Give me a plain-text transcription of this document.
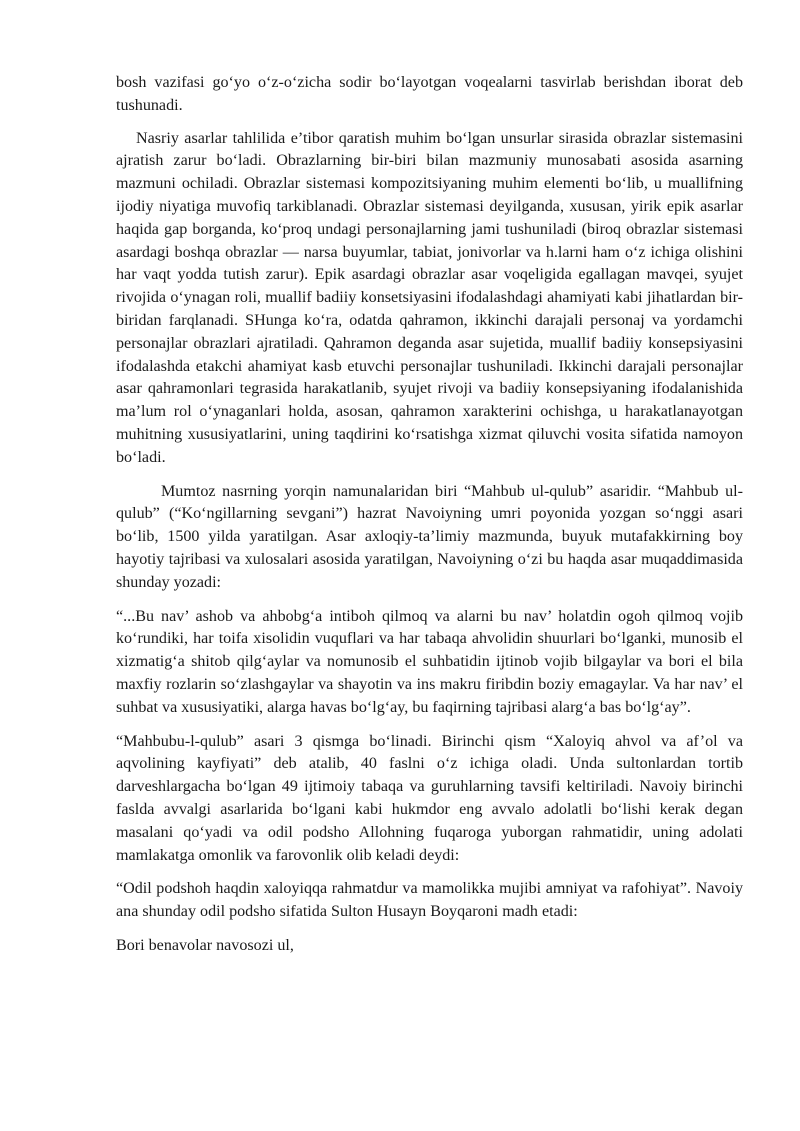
bosh vazifasi go‘yo o‘z-o‘zicha sodir bo‘layotgan voqealarni tasvirlab berishdan iborat deb tushunadi.

Nasriy asarlar tahlilida e’tibor qaratish muhim bo‘lgan unsurlar sirasida obrazlar sistemasini ajratish zarur bo‘ladi. Obrazlarning bir-biri bilan mazmuniy munosabati asosida asarning mazmuni ochiladi. Obrazlar sistemasi kompozitsiyaning muhim elementi bo‘lib, u muallifning ijodiy niyatiga muvofiq tarkiblanadi. Obrazlar sistemasi deyilganda, xususan, yirik epik asarlar haqida gap borganda, ko‘proq undagi personajlarning jami tushuniladi (biroq obrazlar sistemasi asardagi boshqa obrazlar — narsa buyumlar, tabiat, jonivorlar va h.larni ham o‘z ichiga olishini har vaqt yodda tutish zarur). Epik asardagi obrazlar asar voqeligida egallagan mavqei, syujet rivojida o‘ynagan roli, muallif badiiy konsetsiyasini ifodalashdagi ahamiyati kabi jihatlardan bir-biridan farqlanadi. SHunga ko‘ra, odatda qahramon, ikkinchi darajali personaj va yordamchi personajlar obrazlari ajratiladi. Qahramon deganda asar sujetida, muallif badiiy konsepsiyasini ifodalashda etakchi ahamiyat kasb etuvchi personajlar tushuniladi. Ikkinchi darajali personajlar asar qahramonlari tegrasida harakatlanib, syujet rivoji va badiiy konsepsiyaning ifodalanishida ma’lum rol o‘ynaganlari holda, asosan, qahramon xarakterini ochishga, u harakatlanayotgan muhitning xususiyatlarini, uning taqdirini ko‘rsatishga xizmat qiluvchi vosita sifatida namoyon bo‘ladi.

Mumtoz nasrning yorqin namunalaridan biri “Mahbub ul-qulub” asaridir. “Mahbub ul-qulub” (“Ko‘ngillarning sevgani”) hazrat Navoiyning umri poyonida yozgan so‘nggi asari bo‘lib, 1500 yilda yaratilgan. Asar axloqiy-ta’limiy mazmunda, buyuk mutafakkirning boy hayotiy tajribasi va xulosalari asosida yaratilgan, Navoiyning o‘zi bu haqda asar muqaddimasida shunday yozadi:

“...Bu nav’ ashob va ahbobg‘a intiboh qilmoq va alarni bu nav’ holatdin ogoh qilmoq vojib ko‘rundiki, har toifa xisolidin vuquflari va har tabaqa ahvolidin shuurlari bo‘lganki, munosib el xizmatig‘a shitob qilg‘aylar va nomunosib el suhbatidin ijtinob vojib bilgaylar va bori el bila maxfiy rozlarin so‘zlashgaylar va shayotin va ins makru firibdin boziy emagaylar. Va har nav’ el suhbat va xususiyatiki, alarga havas bo‘lg‘ay, bu faqirning tajribasi alarg‘a bas bo‘lg‘ay”.

“Mahbubu-l-qulub” asari 3 qismga bo‘linadi. Birinchi qism “Xaloyiq ahvol va af’ol va aqvolining kayfiyati” deb atalib, 40 faslni o‘z ichiga oladi. Unda sultonlardan tortib darveshlargacha bo‘lgan 49 ijtimoiy tabaqa va guruhlarning tavsifi keltiriladi. Navoiy birinchi faslda avvalgi asarlarida bo‘lgani kabi hukmdor eng avvalo adolatli bo‘lishi kerak degan masalani qo‘yadi va odil podsho Allohning fuqaroga yuborgan rahmatidir, uning adolati mamlakatga omonlik va farovonlik olib keladi deydi:

“Odil podshoh haqdin xaloyiqqa rahmatdur va mamolikka mujibi amniyat va rafohiyat”. Navoiy ana shunday odil podsho sifatida Sulton Husayn Boyqaroni madh etadi:

Bori benavolar navosozi ul,
